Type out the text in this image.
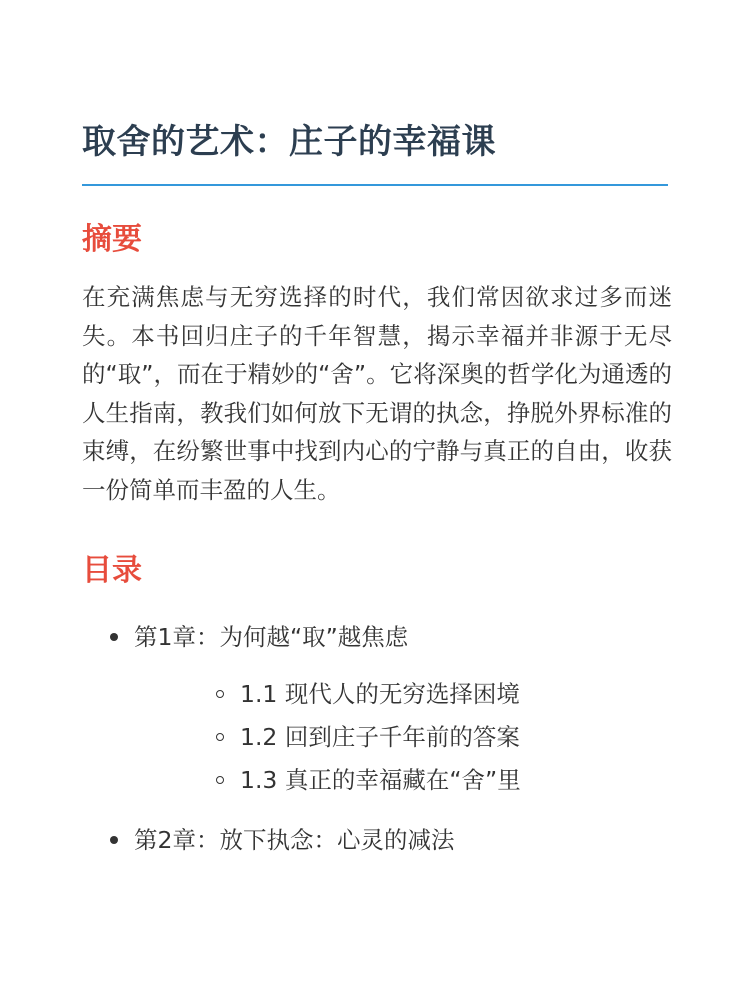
取舍的艺术：庄子的幸福课
摘要

在充满焦虑与无穷选择的时代，我们常因欲求过多而迷失。本书回归庄子的千年智慧，揭示幸福并非源于无尽的“取”，而在于精妙的“舍”。它将深奥的哲学化为通透的人生指南，教我们如何放下无谓的执念，挣脱外界标准的束缚，在纷繁世事中找到内心的宁静与真正的自由，收获一份简单而丰盈的人生。

目录
第1章：为何越“取”越焦虑
1.1 现代人的无穷选择困境
1.2 回到庄子千年前的答案
1.3 真正的幸福藏在“舍”里
第2章：放下执念：心灵的减法
